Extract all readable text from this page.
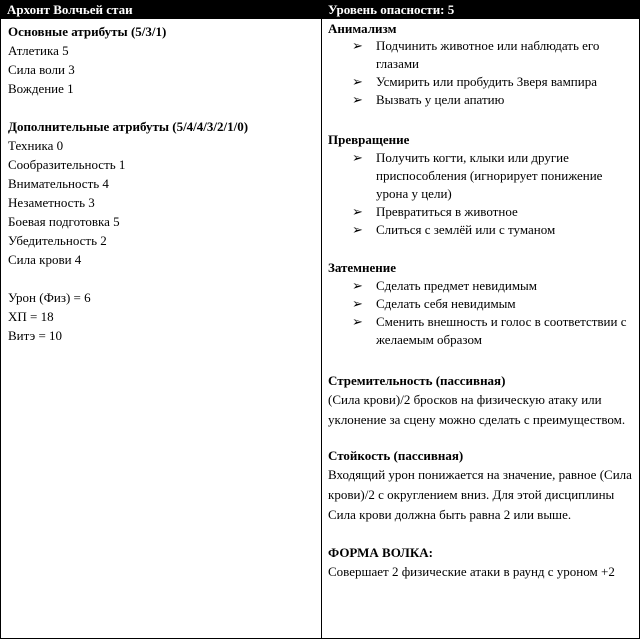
Архонт Волчьей стаи	Уровень опасности: 5
Основные атрибуты (5/3/1)
Атлетика 5
Сила воли 3
Вождение 1
Дополнительные атрибуты (5/4/4/3/2/1/0)
Техника 0
Сообразительность 1
Внимательность 4
Незаметность 3
Боевая подготовка 5
Убедительность 2
Сила крови 4
Урон (Физ) = 6
ХП = 18
Витэ = 10
Анимализм
➢ Подчинить животное или наблюдать его глазами
➢ Усмирить или пробудить Зверя вампира
➢ Вызвать у цели апатию
Превращение
➢ Получить когти, клыки или другие приспособления (игнорирует понижение урона у цели)
➢ Превратиться в животное
➢ Слиться с землёй или с туманом
Затемнение
➢ Сделать предмет невидимым
➢ Сделать себя невидимым
➢ Сменить внешность и голос в соответствии с желаемым образом
Стремительность (пассивная)
(Сила крови)/2 бросков на физическую атаку или уклонение за сцену можно сделать с преимуществом.
Стойкость (пассивная)
Входящий урон понижается на значение, равное (Сила крови)/2 с округлением вниз. Для этой дисциплины Сила крови должна быть равна 2 или выше.
ФОРМА ВОЛКА:
Совершает 2 физические атаки в раунд с уроном +2
